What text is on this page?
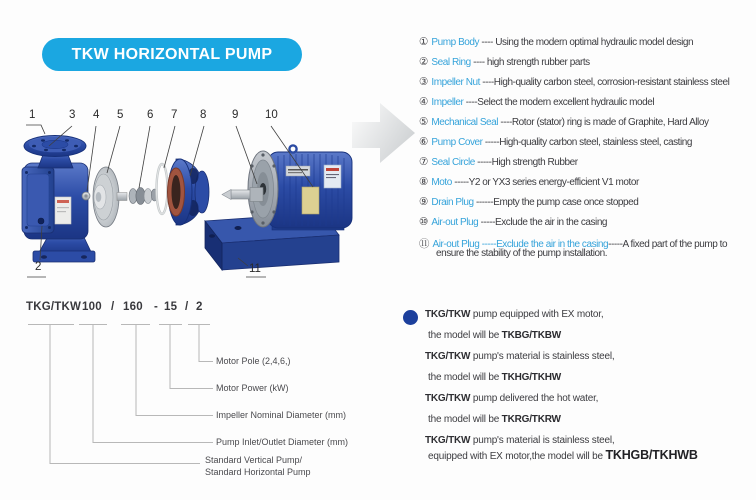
TKW HORIZONTAL PUMP
1	3 4 5 6 7 8 9 10
2	11
① Pump Body ---- Using the modern optimal hydraulic model design
② Seal Ring ---- high strength rubber parts
③ Impeller Nut ----High-quality carbon steel, corrosion-resistant stainless steel
④ Impeller ----Select the modern excellent hydraulic model
⑤ Mechanical Seal ----Rotor (stator) ring is made of Graphite, Hard Alloy
⑥ Pump Cover -----High-quality carbon steel, stainless steel, casting
⑦ Seal Circle -----High strength Rubber
⑧ Moto -----Y2 or YX3 series energy-efficient V1 motor
⑨ Drain Plug ------Empty the pump case once stopped
⑩ Air-out Plug -----Exclude the air in the casing
⑪ Air-out Plug -----Exclude the air in the casing-----A fixed part of the pump to
ensure the stability of the pump installation.
TKG/TKW 100 / 160 - 15 / 2
Motor Pole (2,4,6,)
Motor Power (kW)
Impeller Nominal Diameter (mm)
Pump Inlet/Outlet Diameter (mm)
Standard Vertical Pump/
Standard Horizontal Pump
TKG/TKW pump equipped with EX motor,
the model will be TKBG/TKBW
TKG/TKW pump's material is stainless steel,
the model will be TKHG/TKHW
TKG/TKW pump delivered the hot water,
the model will be TKRG/TKRW
TKG/TKW pump's material is stainless steel,
equipped with EX motor,the model will be TKHGB/TKHWB
